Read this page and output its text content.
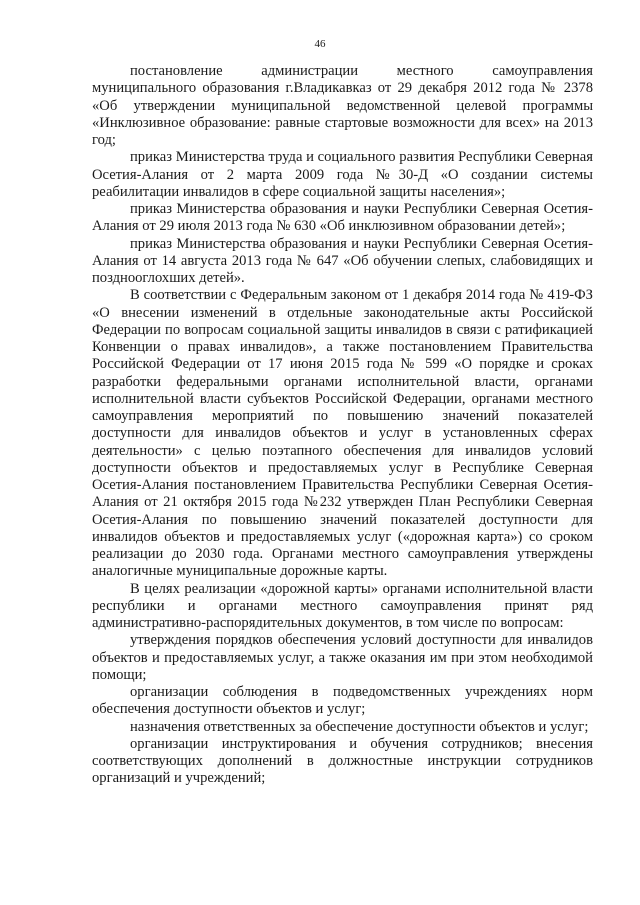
46

постановление администрации местного самоуправления муниципального образования г.Владикавказ от 29 декабря 2012 года № 2378 «Об утверждении муниципальной ведомственной целевой программы «Инклюзивное образование: равные стартовые возможности для всех» на 2013 год;

приказ Министерства труда и социального развития Республики Северная Осетия-Алания от 2 марта 2009 года №30-Д «О создании системы реабилитации инвалидов в сфере социальной защиты населения»;

приказ Министерства образования и науки Республики Северная Осетия-Алания от 29 июля 2013 года № 630 «Об инклюзивном образовании детей»;

приказ Министерства образования и науки Республики Северная Осетия-Алания от 14 августа 2013 года № 647 «Об обучении слепых, слабовидящих и позднооглохших детей».

В соответствии с Федеральным законом от 1 декабря 2014 года № 419-ФЗ «О внесении изменений в отдельные законодательные акты Российской Федерации по вопросам социальной защиты инвалидов в связи с ратификацией Конвенции о правах инвалидов», а также постановлением Правительства Российской Федерации от 17 июня 2015 года № 599 «О порядке и сроках разработки федеральными органами исполнительной власти, органами исполнительной власти субъектов Российской Федерации, органами местного самоуправления мероприятий по повышению значений показателей доступности для инвалидов объектов и услуг в установленных сферах деятельности» с целью поэтапного обеспечения для инвалидов условий доступности объектов и предоставляемых услуг в Республике Северная Осетия-Алания постановлением Правительства Республики Северная Осетия-Алания от 21 октября 2015 года №232 утвержден План Республики Северная Осетия-Алания по повышению значений показателей доступности для инвалидов объектов и предоставляемых услуг («дорожная карта») со сроком реализации до 2030 года. Органами местного самоуправления утверждены аналогичные муниципальные дорожные карты.

В целях реализации «дорожной карты» органами исполнительной власти республики и органами местного самоуправления принят ряд административно-распорядительных документов, в том числе по вопросам:

утверждения порядков обеспечения условий доступности для инвалидов объектов и предоставляемых услуг, а также оказания им при этом необходимой помощи;

организации соблюдения в подведомственных учреждениях норм обеспечения доступности объектов и услуг;

назначения ответственных за обеспечение доступности объектов и услуг;

организации инструктирования и обучения сотрудников; внесения соответствующих дополнений в должностные инструкции сотрудников организаций и учреждений;
